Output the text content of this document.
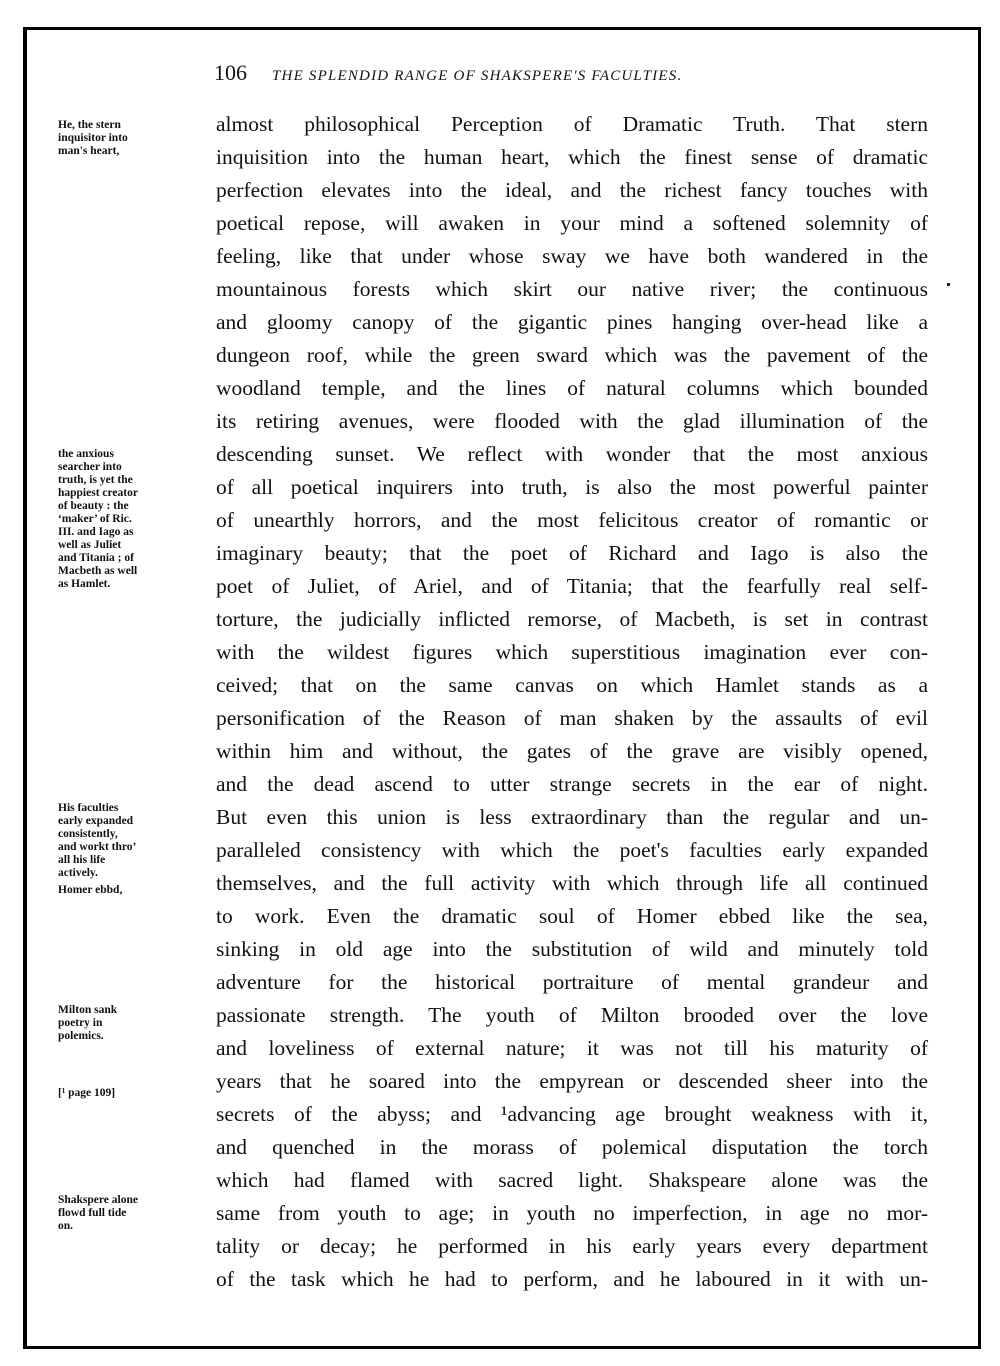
106	THE SPLENDID RANGE OF SHAKSPERE'S FACULTIES.
He, the stern
inquisitor into
man's heart,
the anxious
searcher into
truth, is yet the
happiest creator
of beauty : the
‘maker’ of Ric.
III. and Iago as
well as Juliet
and Titania ; of
Macbeth as well
as Hamlet.
His faculties
early expanded
consistently,
and workt thro’
all his life
actively.
Homer ebbd,
Milton sank
poetry in
polemics.
[¹ page 109]
Shakspere alone
flowd full tide
on.
almost philosophical Perception of Dramatic Truth. That stern
inquisition into the human heart, which the finest sense of dramatic
perfection elevates into the ideal, and the richest fancy touches with
poetical repose, will awaken in your mind a softened solemnity of
feeling, like that under whose sway we have both wandered in the
mountainous forests which skirt our native river; the continuous
and gloomy canopy of the gigantic pines hanging over-head like a
dungeon roof, while the green sward which was the pavement of the
woodland temple, and the lines of natural columns which bounded
its retiring avenues, were flooded with the glad illumination of the
descending sunset. We reflect with wonder that the most anxious
of all poetical inquirers into truth, is also the most powerful painter
of unearthly horrors, and the most felicitous creator of romantic or
imaginary beauty; that the poet of Richard and Iago is also the
poet of Juliet, of Ariel, and of Titania; that the fearfully real self-
torture, the judicially inflicted remorse, of Macbeth, is set in contrast
with the wildest figures which superstitious imagination ever con-
ceived; that on the same canvas on which Hamlet stands as a
personification of the Reason of man shaken by the assaults of evil
within him and without, the gates of the grave are visibly opened,
and the dead ascend to utter strange secrets in the ear of night.
But even this union is less extraordinary than the regular and un-
paralleled consistency with which the poet's faculties early expanded
themselves, and the full activity with which through life all continued
to work. Even the dramatic soul of Homer ebbed like the sea,
sinking in old age into the substitution of wild and minutely told
adventure for the historical portraiture of mental grandeur and
passionate strength. The youth of Milton brooded over the love
and loveliness of external nature; it was not till his maturity of
years that he soared into the empyrean or descended sheer into the
secrets of the abyss; and ¹advancing age brought weakness with it,
and quenched in the morass of polemical disputation the torch
which had flamed with sacred light. Shakspeare alone was the
same from youth to age; in youth no imperfection, in age no mor-
tality or decay; he performed in his early years every department
of the task which he had to perform, and he laboured in it with un-
